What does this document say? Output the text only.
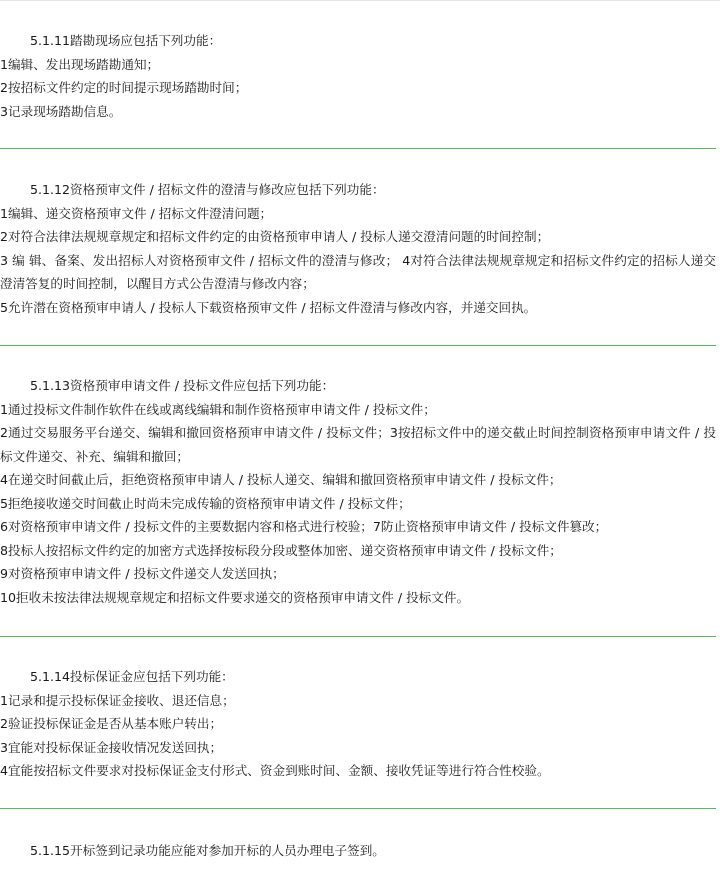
5.1.11踏勘现场应包括下列功能：

1编辑、发出现场踏勘通知；

2按招标文件约定的时间提示现场踏勘时间；

3记录现场踏勘信息。

5.1.12资格预审文件 / 招标文件的澄清与修改应包括下列功能：

1编辑、递交资格预审文件 / 招标文件澄清问题；

2对符合法律法规规章规定和招标文件约定的由资格预审申请人 / 投标人递交澄清问题的时间控制；

3 编 辑、备案、发出招标人对资格预审文件 / 招标文件的澄清与修改； 4对符合法律法规规章规定和招标文件约定的招标人递交澄清答复的时间控制，以醒目方式公告澄清与修改内容；

5允许潜在资格预审申请人 / 投标人下载资格预审文件 / 招标文件澄清与修改内容，并递交回执。

5.1.13资格预审申请文件 / 投标文件应包括下列功能：

1通过投标文件制作软件在线或离线编辑和制作资格预审申请文件 / 投标文件；

2通过交易服务平台递交、编辑和撤回资格预审申请文件 / 投标文件；3按招标文件中的递交截止时间控制资格预审申请文件 / 投标文件递交、补充、编辑和撤回；

4在递交时间截止后，拒绝资格预审申请人 / 投标人递交、编辑和撤回资格预审申请文件 / 投标文件；

5拒绝接收递交时间截止时尚未完成传输的资格预审申请文件 / 投标文件；

6对资格预审申请文件 / 投标文件的主要数据内容和格式进行校验；7防止资格预审申请文件 / 投标文件篡改；

8投标人按招标文件约定的加密方式选择按标段分段或整体加密、递交资格预审申请文件 / 投标文件；

9对资格预审申请文件 / 投标文件递交人发送回执；

10拒收未按法律法规规章规定和招标文件要求递交的资格预审申请文件 / 投标文件。

5.1.14投标保证金应包括下列功能：

1记录和提示投标保证金接收、退还信息；

2验证投标保证金是否从基本账户转出；

3宜能对投标保证金接收情况发送回执；

4宜能按招标文件要求对投标保证金支付形式、资金到账时间、金额、接收凭证等进行符合性校验。

5.1.15开标签到记录功能应能对参加开标的人员办理电子签到。
